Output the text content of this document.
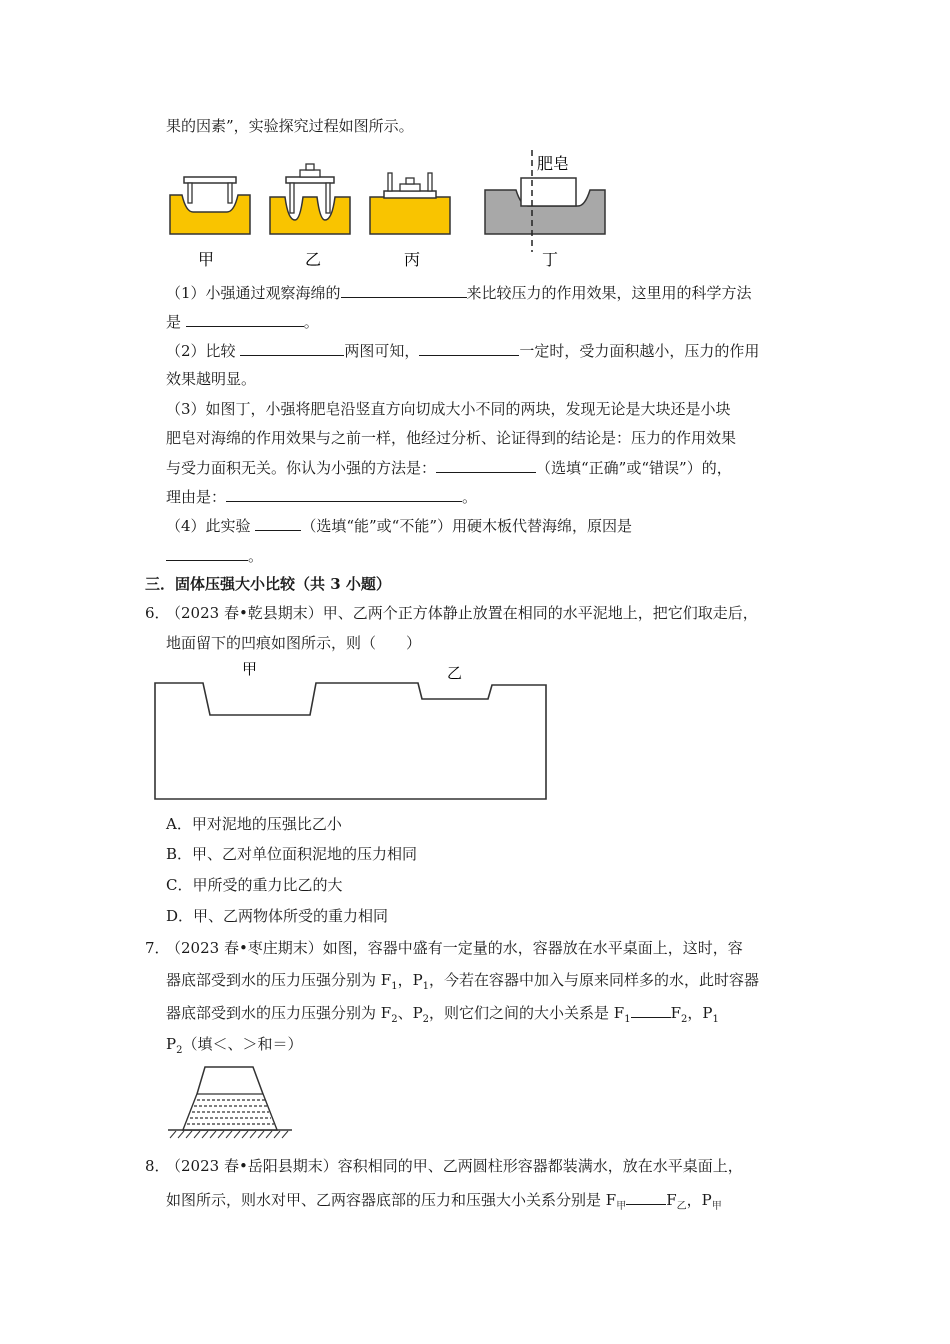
果的因素”，实验探究过程如图所示。
甲	乙	丙	丁
肥皂
（1）小强通过观察海绵的	来比较压力的作用效果，这里用的科学方法
是	。
（2）比较	两图可知，	一定时，受力面积越小，压力的作用
效果越明显。
（3）如图丁，小强将肥皂沿竖直方向切成大小不同的两块，发现无论是大块还是小块
肥皂对海绵的作用效果与之前一样，他经过分析、论证得到的结论是：压力的作用效果
与受力面积无关。你认为小强的方法是：	（选填“正确”或“错误”）的，
理由是：	。
（4）此实验	（选填“能”或“不能”）用硬木板代替海绵，原因是
。
三．固体压强大小比较（共 3 小题）
6．
（2023 春•乾县期末）甲、乙两个正方体静止放置在相同的水平泥地上，把它们取走后，
地面留下的凹痕如图所示，则（　　）
甲	乙
A．甲对泥地的压强比乙小
B．甲、乙对单位面积泥地的压力相同
C．甲所受的重力比乙的大
D．甲、乙两物体所受的重力相同
7．
（2023 春•枣庄期末）如图，容器中盛有一定量的水，容器放在水平桌面上，这时，容
器底部受到水的压力压强分别为 $F_1$，$P_1$，今若在容器中加入与原来同样多的水，此时容器
器底部受到水的压力压强分别为 $F_2$、$P_2$，则它们之间的大小关系是 $F_1$	$F_2$，$P_1$
$P_2$（填＜、＞和＝）
8．
（2023 春•岳阳县期末）容积相同的甲、乙两圆柱形容器都装满水，放在水平桌面上，
如图所示，则水对甲、乙两容器底部的压力和压强大小关系分别是 $F_甲$	$F_乙$，$P_甲$
